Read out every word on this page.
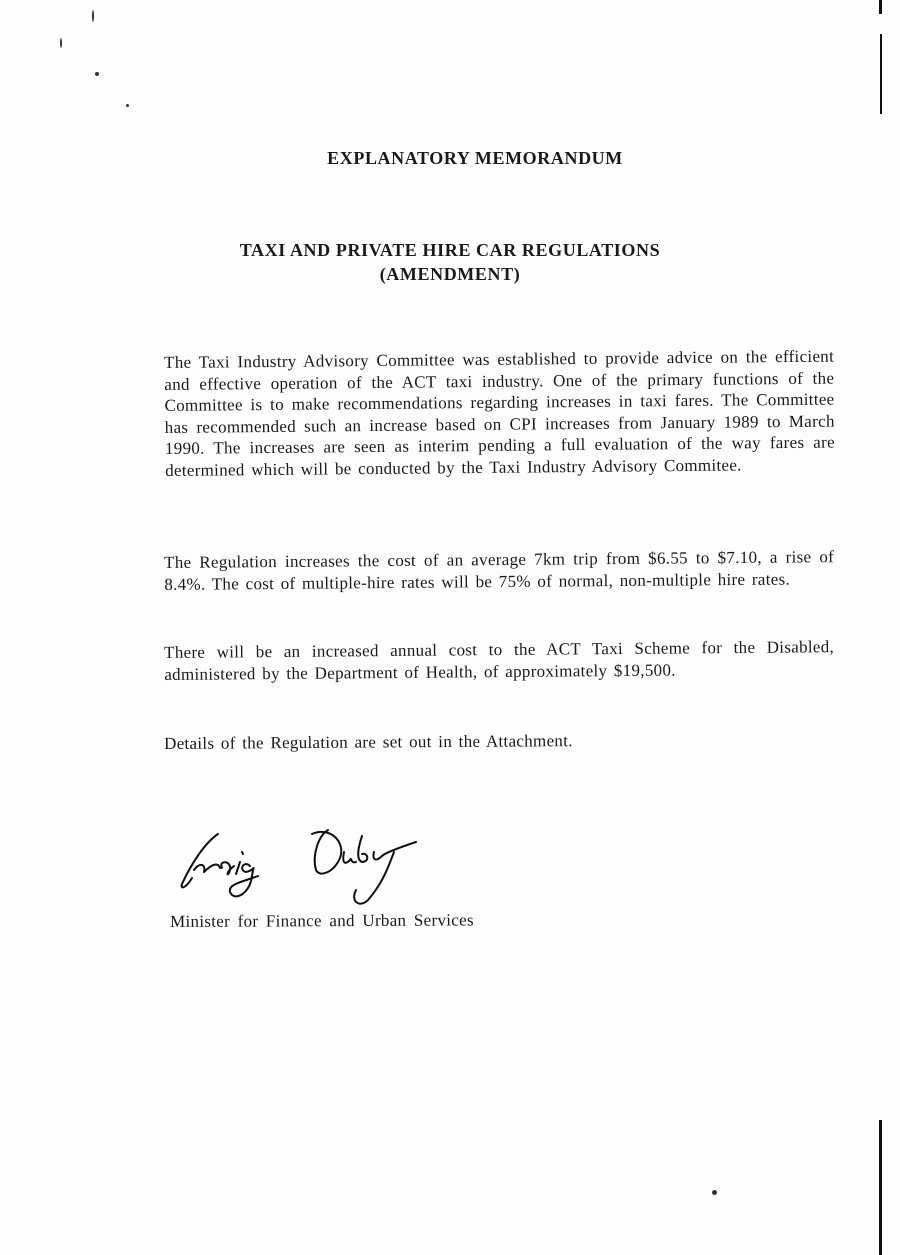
EXPLANATORY MEMORANDUM
TAXI AND PRIVATE HIRE CAR REGULATIONS
(AMENDMENT)

The Taxi Industry Advisory Committee was established to provide advice on the efficient and effective operation of the ACT taxi industry. One of the primary functions of the Committee is to make recommendations regarding increases in taxi fares. The Committee has recommended such an increase based on CPI increases from January 1989 to March 1990. The increases are seen as interim pending a full evaluation of the way fares are determined which will be conducted by the Taxi Industry Advisory Commitee.

The Regulation increases the cost of an average 7km trip from $6.55 to $7.10, a rise of 8.4%. The cost of multiple-hire rates will be 75% of normal, non-multiple hire rates.

There will be an increased annual cost to the ACT Taxi Scheme for the Disabled, administered by the Department of Health, of approximately $19,500.

Details of the Regulation are set out in the Attachment.

Minister for Finance and Urban Services
